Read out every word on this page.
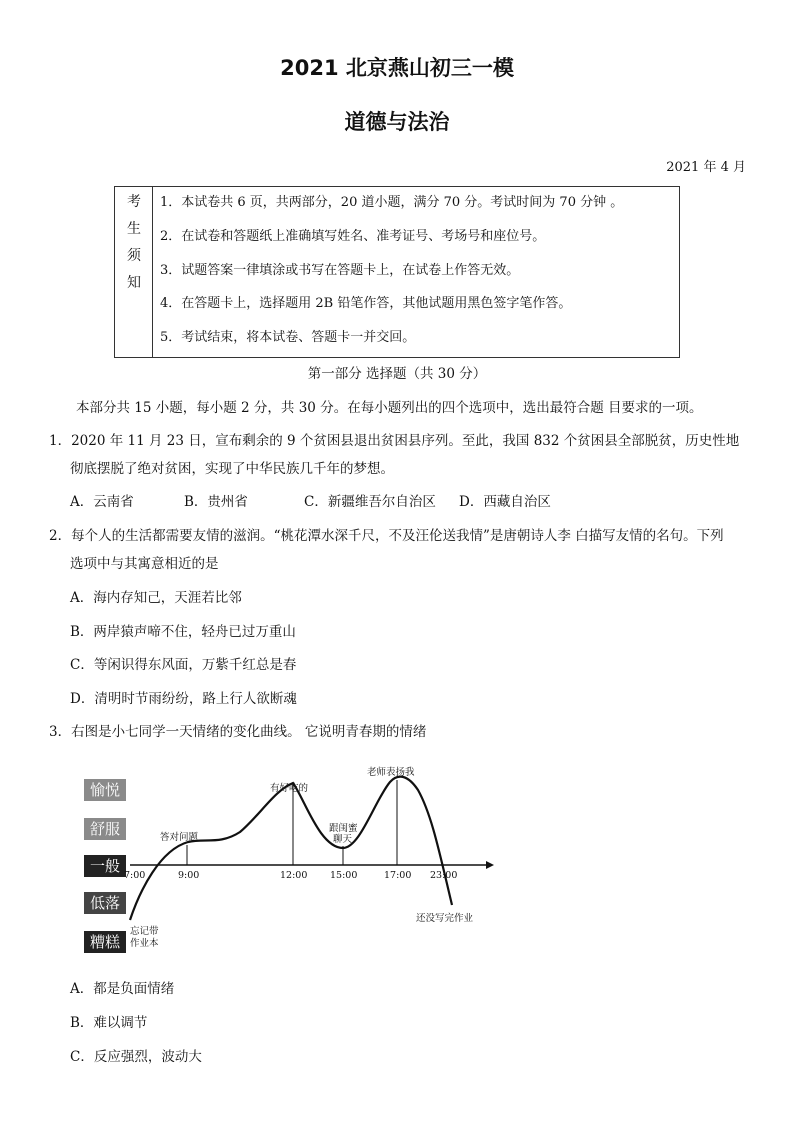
2021 北京燕山初三一模
道德与法治
2021 年 4 月
考
生
须
知
1．本试卷共 6 页，共两部分，20 道小题，满分 70 分。考试时间为 70 分钟 。
2．在试卷和答题纸上准确填写姓名、准考证号、考场号和座位号。
3．试题答案一律填涂或书写在答题卡上，在试卷上作答无效。
4．在答题卡上，选择题用 2B 铅笔作答，其他试题用黑色签字笔作答。
5．考试结束，将本试卷、答题卡一并交回。
第一部分 选择题（共 30 分）
本部分共 15 小题，每小题 2 分，共 30 分。在每小题列出的四个选项中，选出最符合题 目要求的一项。
1．2020 年 11 月 23 日，宣布剩余的 9 个贫困县退出贫困县序列。至此，我国 832 个贫困县全部脱贫，历史性地
彻底摆脱了绝对贫困，实现了中华民族几千年的梦想。
A．云南省	B．贵州省	C．新疆维吾尔自治区 D．西藏自治区
2．每个人的生活都需要友情的滋润。“桃花潭水深千尺，不及汪伦送我情”是唐朝诗人李 白描写友情的名句。下列
选项中与其寓意相近的是
A．海内存知己，天涯若比邻
B．两岸猿声啼不住，轻舟已过万重山
C．等闲识得东风面，万紫千红总是春
D．清明时节雨纷纷，路上行人欲断魂
3．右图是小七同学一天情绪的变化曲线。 它说明青春期的情绪
愉悦
舒服
一般
低落
糟糕
7:00	9:00	12:00 15:00	17:00 23:00
忘记带
作业本
答对问题
有好吃的
跟闺蜜
聊天
老师表扬我
还没写完作业
A．都是负面情绪
B．难以调节
C．反应强烈，波动大
